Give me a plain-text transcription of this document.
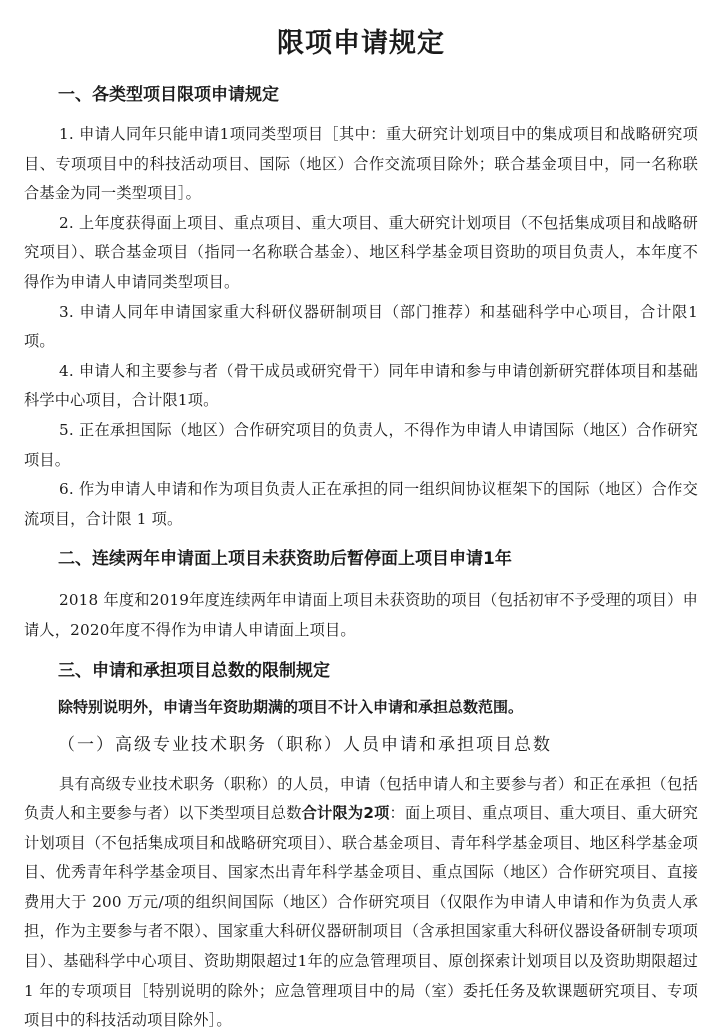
限项申请规定
一、各类型项目限项申请规定

1. 申请人同年只能申请1项同类型项目［其中：重大研究计划项目中的集成项目和战略研究项目、专项项目中的科技活动项目、国际（地区）合作交流项目除外；联合基金项目中，同一名称联合基金为同一类型项目］。

2. 上年度获得面上项目、重点项目、重大项目、重大研究计划项目（不包括集成项目和战略研究项目）、联合基金项目（指同一名称联合基金）、地区科学基金项目资助的项目负责人，本年度不得作为申请人申请同类型项目。

3. 申请人同年申请国家重大科研仪器研制项目（部门推荐）和基础科学中心项目，合计限1项。

4. 申请人和主要参与者（骨干成员或研究骨干）同年申请和参与申请创新研究群体项目和基础科学中心项目，合计限1项。

5. 正在承担国际（地区）合作研究项目的负责人，不得作为申请人申请国际（地区）合作研究项目。

6. 作为申请人申请和作为项目负责人正在承担的同一组织间协议框架下的国际（地区）合作交流项目，合计限 1 项。

二、连续两年申请面上项目未获资助后暂停面上项目申请1年

2018 年度和2019年度连续两年申请面上项目未获资助的项目（包括初审不予受理的项目）申请人，2020年度不得作为申请人申请面上项目。

三、申请和承担项目总数的限制规定

除特别说明外，申请当年资助期满的项目不计入申请和承担总数范围。

（一）高级专业技术职务（职称）人员申请和承担项目总数

具有高级专业技术职务（职称）的人员，申请（包括申请人和主要参与者）和正在承担（包括负责人和主要参与者）以下类型项目总数合计限为2项：面上项目、重点项目、重大项目、重大研究计划项目（不包括集成项目和战略研究项目）、联合基金项目、青年科学基金项目、地区科学基金项目、优秀青年科学基金项目、国家杰出青年科学基金项目、重点国际（地区）合作研究项目、直接费用大于 200 万元/项的组织间国际（地区）合作研究项目（仅限作为申请人申请和作为负责人承担，作为主要参与者不限）、国家重大科研仪器研制项目（含承担国家重大科研仪器设备研制专项项目）、基础科学中心项目、资助期限超过1年的应急管理项目、原创探索计划项目以及资助期限超过 1 年的专项项目［特别说明的除外；应急管理项目中的局（室）委托任务及软课题研究项目、专项项目中的科技活动项目除外］。
